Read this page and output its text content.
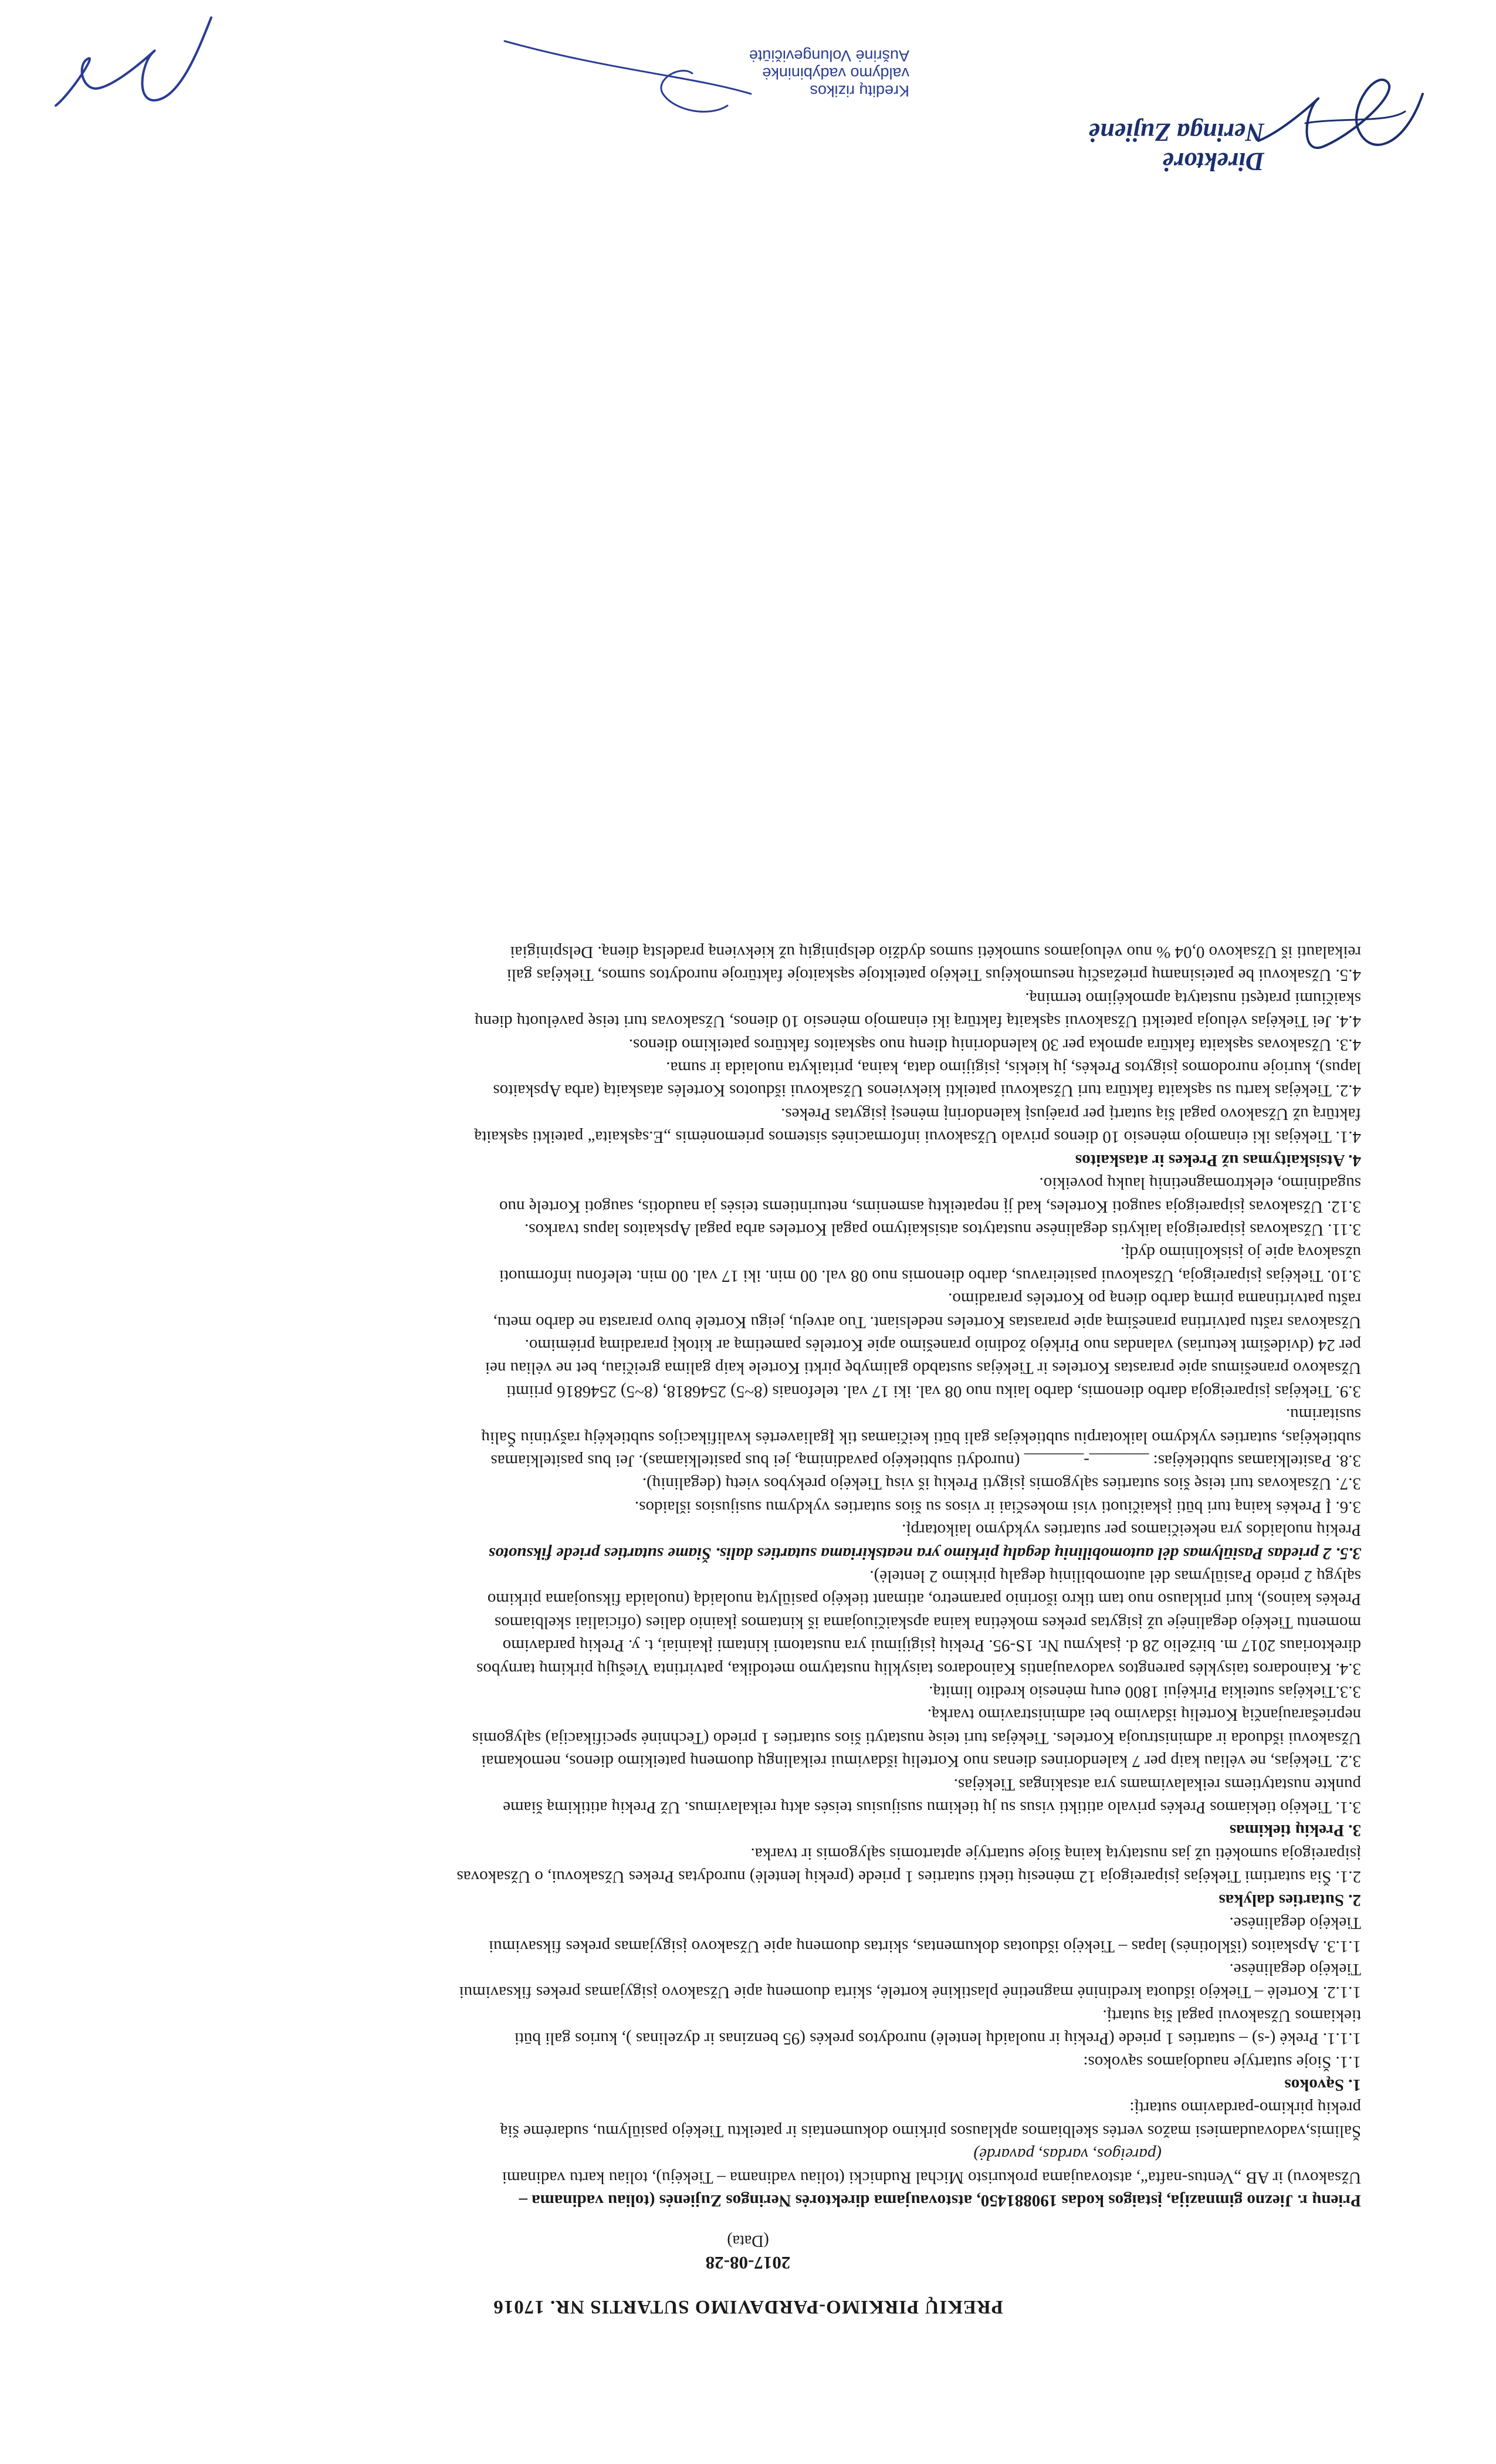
PREKIŲ PIRKIMO-PARDAVIMO SUTARTIS NR. 17016
2017-08-28
(Data)

Prienų r. Jiezno gimnazija, įstaigos kodas 190881450, atstovaujama direktorės Neringos Zujienės (toliau vadinama –

Užsakovu) ir AB „Ventus-nafta“, atstovaujama prokuristo Michal Rudnicki (toliau vadinama – Tiekėju), toliau kartu vadinami

(pareigos, vardas, pavardė)

Šalimis,vadovaudamiesi mažos vertės skelbiamos apklausos pirkimo dokumentais ir pateiktu Tiekėjo pasiūlymu, sudarėme šią

prekių pirkimo-pardavimo sutartį:

1. Sąvokos

1.1. Šioje sutartyje naudojamos sąvokos:

1.1.1. Prekė (-s) – sutarties 1 priede (Prekių ir nuolaidų lentelė) nurodytos prekės (95 benzinas ir dyzelinas ), kurios gali būti

tiekiamos Užsakovui pagal šią sutartį.

1.1.2. Kortelė – Tiekėjo išduota kredininė magnetinė plastikinė kortelė, skirta duomenų apie Užsakovo įsigyjamas prekes fiksavimui

Tiekėjo degalinėse.

1.1.3. Apskaitos (išklotinės) lapas – Tiekėjo išduotas dokumentas, skirtas duomenų apie Užsakovo įsigyjamas prekes fiksavimui

Tiekėjo degalinėse.

2. Sutarties dalykas

2.1. Šia sutartimi Tiekėjas įsipareigoja 12 mėnesių tiekti sutarties 1 priede (prekių lentelė) nurodytas Prekes Užsakovui, o Užsakovas

įsipareigoja sumokėti už jas nustatytą kainą šioje sutartyje aptartomis sąlygomis ir tvarka.

3. Prekių tiekimas

3.1. Tiekėjo tiekiamos Prekės privalo atitikti visus su jų tiekimu susijusius teisės aktų reikalavimus. Už Prekių atitikimą šiame

punkte nustatytiems reikalavimams yra atsakingas Tiekėjas.

3.2. Tiekėjas, ne vėliau kaip per 7 kalendorines dienas nuo Kortelių išdavimui reikalingų duomenų pateikimo dienos, nemokamai

Užsakovui išduoda ir administruoja Korteles. Tiekėjas turi teisę nustatyti šios sutarties 1 priedo (Techninė specifikacija) sąlygomis

nepriešaraujančią Kortelių išdavimo bei administravimo tvarką.

3.3.Tiekėjas suteikia Pirkėjui 1800 eurų mėnesio kredito limitą.

3.4. Kainodaros taisyklės parengtos vadovaujantis Kainodaros taisyklių nustatymo metodika, patvirtinta Viešųjų pirkimų tarnybos

direktoriaus 2017 m. birželio 28 d. įsakymu Nr. 1S-95. Prekių įsigijimui yra nustatomi kintami įkainiai, t. y. Prekių pardavimo

momentu Tiekėjo degalinėje už įsigytas prekes mokėtina kaina apskaičiuojama iš kintamos įkainio dalies (oficialiai skelbiamos

Prekės kainos), kuri priklauso nuo tam tikro išorinio parametro, atimant tiekėjo pasiūlytą nuolaidą (nuolaida fiksuojama pirkimo

sąlygų 2 priedo Pasiūlymas dėl automobilinių degalų pirkimo 2 lentelė).

3.5. 2 priedas Pasiūlymas dėl automobilinių degalų pirkimo yra neatskiriama sutarties dalis. Šiame sutarties priede fiksuotos

Prekių nuolaidos yra nekeičiamos per sutarties vykdymo laikotarpį.

3.6. Į Prekės kainą turi būti įskaičiuoti visi mokesčiai ir visos su šios sutarties vykdymu susijusios išlaidos.

3.7. Užsakovas turi teisę šios sutarties sąlygomis įsigyti Prekių iš visų Tiekėjo prekybos vietų (degalinių).

3.8. Pasitelkiamas subtiekėjas: _______-_______ (nurodyti subtiekėjo pavadinimą, jei bus pasitelkiamas). Jei bus pasitelkiamas

subtiekėjas, sutarties vykdymo laikotarpiu subtiekėjas gali būti keičiamas tik Įgaliavertės kvalifikacijos subtiekėjų rašytiniu Šalių

susitarimu.

3.9. Tiekėjas įsipareigoja darbo dienomis, darbo laiku nuo 08 val. iki 17 val. telefonais (8~5) 2546818, (8~5) 2546816 priimti

Užsakovo pranešimus apie prarastas Korteles ir Tiekėjas sustabdo galimybę pirkti Kortele kaip galima greičiau, bet ne vėliau nei

per 24 (dvidešimt keturias) valandas nuo Pirkėjo žodinio pranešimo apie Kortelės pametimą ar kitokį praradimą priėmimo.

Užsakovas raštu patvirtina pranešimą apie prarastas Korteles nedelsiant. Tuo atveju, jeigu Kortelė buvo prarasta ne darbo metu,

raštu patvirtinama pirmą darbo dieną po Kortelės praradimo.

3.10. Tiekėjas įsipareigoja, Užsakovui pasiteiravus, darbo dienomis nuo 08 val. 00 min. iki 17 val. 00 min. telefonu informuoti

užsakovą apie jo įsiskolinimo dydį.

3.11. Užsakovas įsipareigoja laikytis degalinėse nustatytos atsiskaitymo pagal Korteles arba pagal Apskaitos lapus tvarkos.

3.12. Užsakovas įsipareigoja saugoti Korteles, kad jį nepateiktų asmenims, neturintiems teisės ja naudotis, saugoti Kortelę nuo

sugadinimo, elektromagnetinių laukų poveikio.

4. Atsiskaitymas už Prekes ir ataskaitos

4.1. Tiekėjas iki einamojo mėnesio 10 dienos privalo Užsakovui informacinės sistemos priemonėmis „E.sąskaita“ pateikti sąskaitą

faktūrą už Užsakovo pagal šią sutartį per praėjusį kalendorinį mėnesį įsigytas Prekes.

4.2. Tiekėjas kartu su sąskaita faktūra turi Užsakovui pateikti kiekvienos Užsakovui išduotos Kortelės ataskaitą (arba Apskaitos

lapus), kurioje nurodomos įsigytos Prekės, jų kiekis, įsigijimo data, kaina, pritaikyta nuolaida ir suma.

4.3. Užsakovas sąskaita faktūra apmoka per 30 kalendorinių dienų nuo sąskaitos faktūros pateikimo dienos.

4.4. Jei Tiekėjas vėluoja pateikti Užsakovui sąskaitą faktūrą iki einamojo mėnesio 10 dienos, Užsakovas turi teisę pavėluotų dienų

skaičiumi pratęsti nustatytą apmokėjimo terminą.

4.5. Užsakovui be pateisinamų priežasčių nesumokėjus Tiekėjo pateiktoje sąskaitoje faktūroje nurodytos sumos, Tiekėjas gali

reikalauti iš Užsakovo 0,04 % nuo vėluojamos sumokėti sumos dydžio delspinigių už kiekvieną pradelstą dieną. Delspinigiai

Direktorė
Neringa Zujienė
Kreditų rizikos
valdymo vadybininkė
Aušrinė Volungevičiūtė
